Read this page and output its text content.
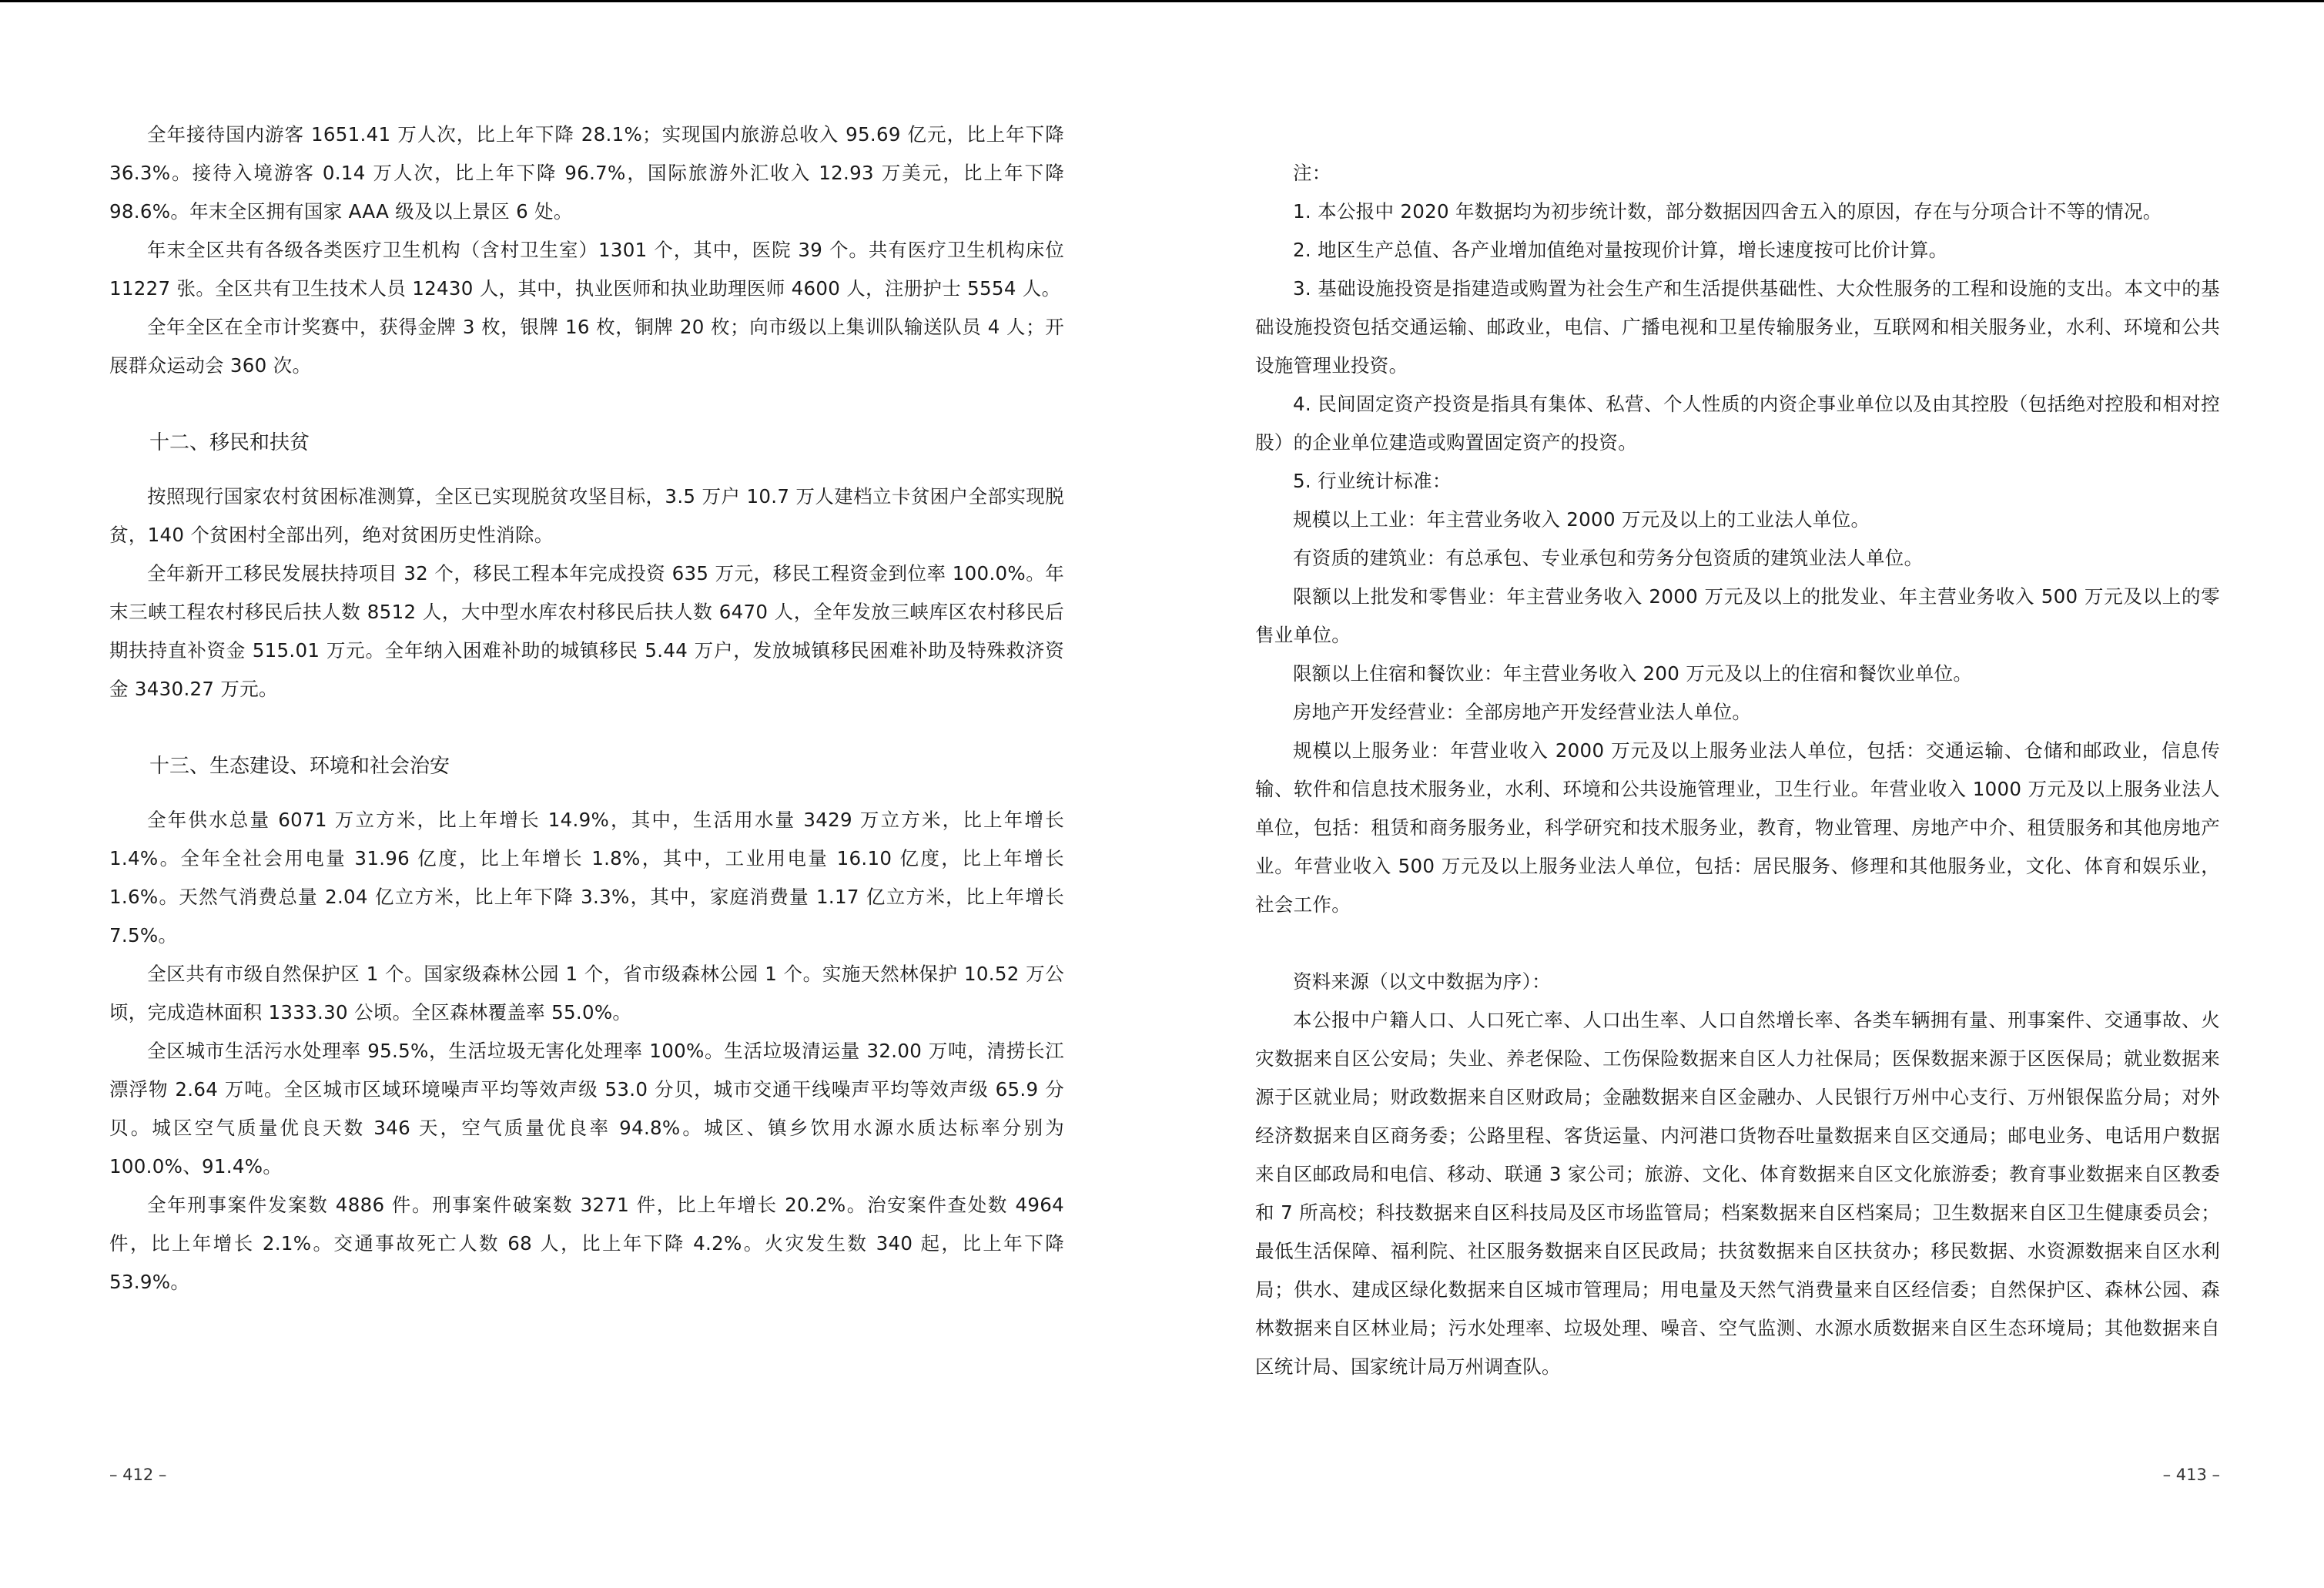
全年接待国内游客 1651.41 万人次，比上年下降 28.1%；实现国内旅游总收入 95.69 亿元，比上年下降 36.3%。接待入境游客 0.14 万人次，比上年下降 96.7%，国际旅游外汇收入 12.93 万美元，比上年下降 98.6%。年末全区拥有国家 AAA 级及以上景区 6 处。

年末全区共有各级各类医疗卫生机构（含村卫生室）1301 个，其中，医院 39 个。共有医疗卫生机构床位 11227 张。全区共有卫生技术人员 12430 人，其中，执业医师和执业助理医师 4600 人，注册护士 5554 人。

全年全区在全市计奖赛中，获得金牌 3 枚，银牌 16 枚，铜牌 20 枚；向市级以上集训队输送队员 4 人；开展群众运动会 360 次。

十二、移民和扶贫

按照现行国家农村贫困标准测算，全区已实现脱贫攻坚目标，3.5 万户 10.7 万人建档立卡贫困户全部实现脱贫，140 个贫困村全部出列，绝对贫困历史性消除。

全年新开工移民发展扶持项目 32 个，移民工程本年完成投资 635 万元，移民工程资金到位率 100.0%。年末三峡工程农村移民后扶人数 8512 人，大中型水库农村移民后扶人数 6470 人，全年发放三峡库区农村移民后期扶持直补资金 515.01 万元。全年纳入困难补助的城镇移民 5.44 万户，发放城镇移民困难补助及特殊救济资金 3430.27 万元。

十三、生态建设、环境和社会治安

全年供水总量 6071 万立方米，比上年增长 14.9%，其中，生活用水量 3429 万立方米，比上年增长 1.4%。全年全社会用电量 31.96 亿度，比上年增长 1.8%，其中，工业用电量 16.10 亿度，比上年增长 1.6%。天然气消费总量 2.04 亿立方米，比上年下降 3.3%，其中，家庭消费量 1.17 亿立方米，比上年增长 7.5%。

全区共有市级自然保护区 1 个。国家级森林公园 1 个，省市级森林公园 1 个。实施天然林保护 10.52 万公顷，完成造林面积 1333.30 公顷。全区森林覆盖率 55.0%。

全区城市生活污水处理率 95.5%，生活垃圾无害化处理率 100%。生活垃圾清运量 32.00 万吨，清捞长江漂浮物 2.64 万吨。全区城市区域环境噪声平均等效声级 53.0 分贝，城市交通干线噪声平均等效声级 65.9 分贝。城区空气质量优良天数 346 天，空气质量优良率 94.8%。城区、镇乡饮用水源水质达标率分别为 100.0%、91.4%。

全年刑事案件发案数 4886 件。刑事案件破案数 3271 件，比上年增长 20.2%。治安案件查处数 4964 件，比上年增长 2.1%。交通事故死亡人数 68 人，比上年下降 4.2%。火灾发生数 340 起，比上年下降 53.9%。

– 412 –

注：

1. 本公报中 2020 年数据均为初步统计数，部分数据因四舍五入的原因，存在与分项合计不等的情况。

2. 地区生产总值、各产业增加值绝对量按现价计算，增长速度按可比价计算。

3. 基础设施投资是指建造或购置为社会生产和生活提供基础性、大众性服务的工程和设施的支出。本文中的基础设施投资包括交通运输、邮政业，电信、广播电视和卫星传输服务业，互联网和相关服务业，水利、环境和公共设施管理业投资。

4. 民间固定资产投资是指具有集体、私营、个人性质的内资企事业单位以及由其控股（包括绝对控股和相对控股）的企业单位建造或购置固定资产的投资。

5. 行业统计标准：

规模以上工业：年主营业务收入 2000 万元及以上的工业法人单位。

有资质的建筑业：有总承包、专业承包和劳务分包资质的建筑业法人单位。

限额以上批发和零售业：年主营业务收入 2000 万元及以上的批发业、年主营业务收入 500 万元及以上的零售业单位。

限额以上住宿和餐饮业：年主营业务收入 200 万元及以上的住宿和餐饮业单位。

房地产开发经营业：全部房地产开发经营业法人单位。

规模以上服务业：年营业收入 2000 万元及以上服务业法人单位，包括：交通运输、仓储和邮政业，信息传输、软件和信息技术服务业，水利、环境和公共设施管理业，卫生行业。年营业收入 1000 万元及以上服务业法人单位，包括：租赁和商务服务业，科学研究和技术服务业，教育，物业管理、房地产中介、租赁服务和其他房地产业。年营业收入 500 万元及以上服务业法人单位，包括：居民服务、修理和其他服务业，文化、体育和娱乐业，社会工作。

资料来源（以文中数据为序）：

本公报中户籍人口、人口死亡率、人口出生率、人口自然增长率、各类车辆拥有量、刑事案件、交通事故、火灾数据来自区公安局；失业、养老保险、工伤保险数据来自区人力社保局；医保数据来源于区医保局；就业数据来源于区就业局；财政数据来自区财政局；金融数据来自区金融办、人民银行万州中心支行、万州银保监分局；对外经济数据来自区商务委；公路里程、客货运量、内河港口货物吞吐量数据来自区交通局；邮电业务、电话用户数据来自区邮政局和电信、移动、联通 3 家公司；旅游、文化、体育数据来自区文化旅游委；教育事业数据来自区教委和 7 所高校；科技数据来自区科技局及区市场监管局；档案数据来自区档案局；卫生数据来自区卫生健康委员会；最低生活保障、福利院、社区服务数据来自区民政局；扶贫数据来自区扶贫办；移民数据、水资源数据来自区水利局；供水、建成区绿化数据来自区城市管理局；用电量及天然气消费量来自区经信委；自然保护区、森林公园、森林数据来自区林业局；污水处理率、垃圾处理、噪音、空气监测、水源水质数据来自区生态环境局；其他数据来自区统计局、国家统计局万州调查队。

– 413 –
